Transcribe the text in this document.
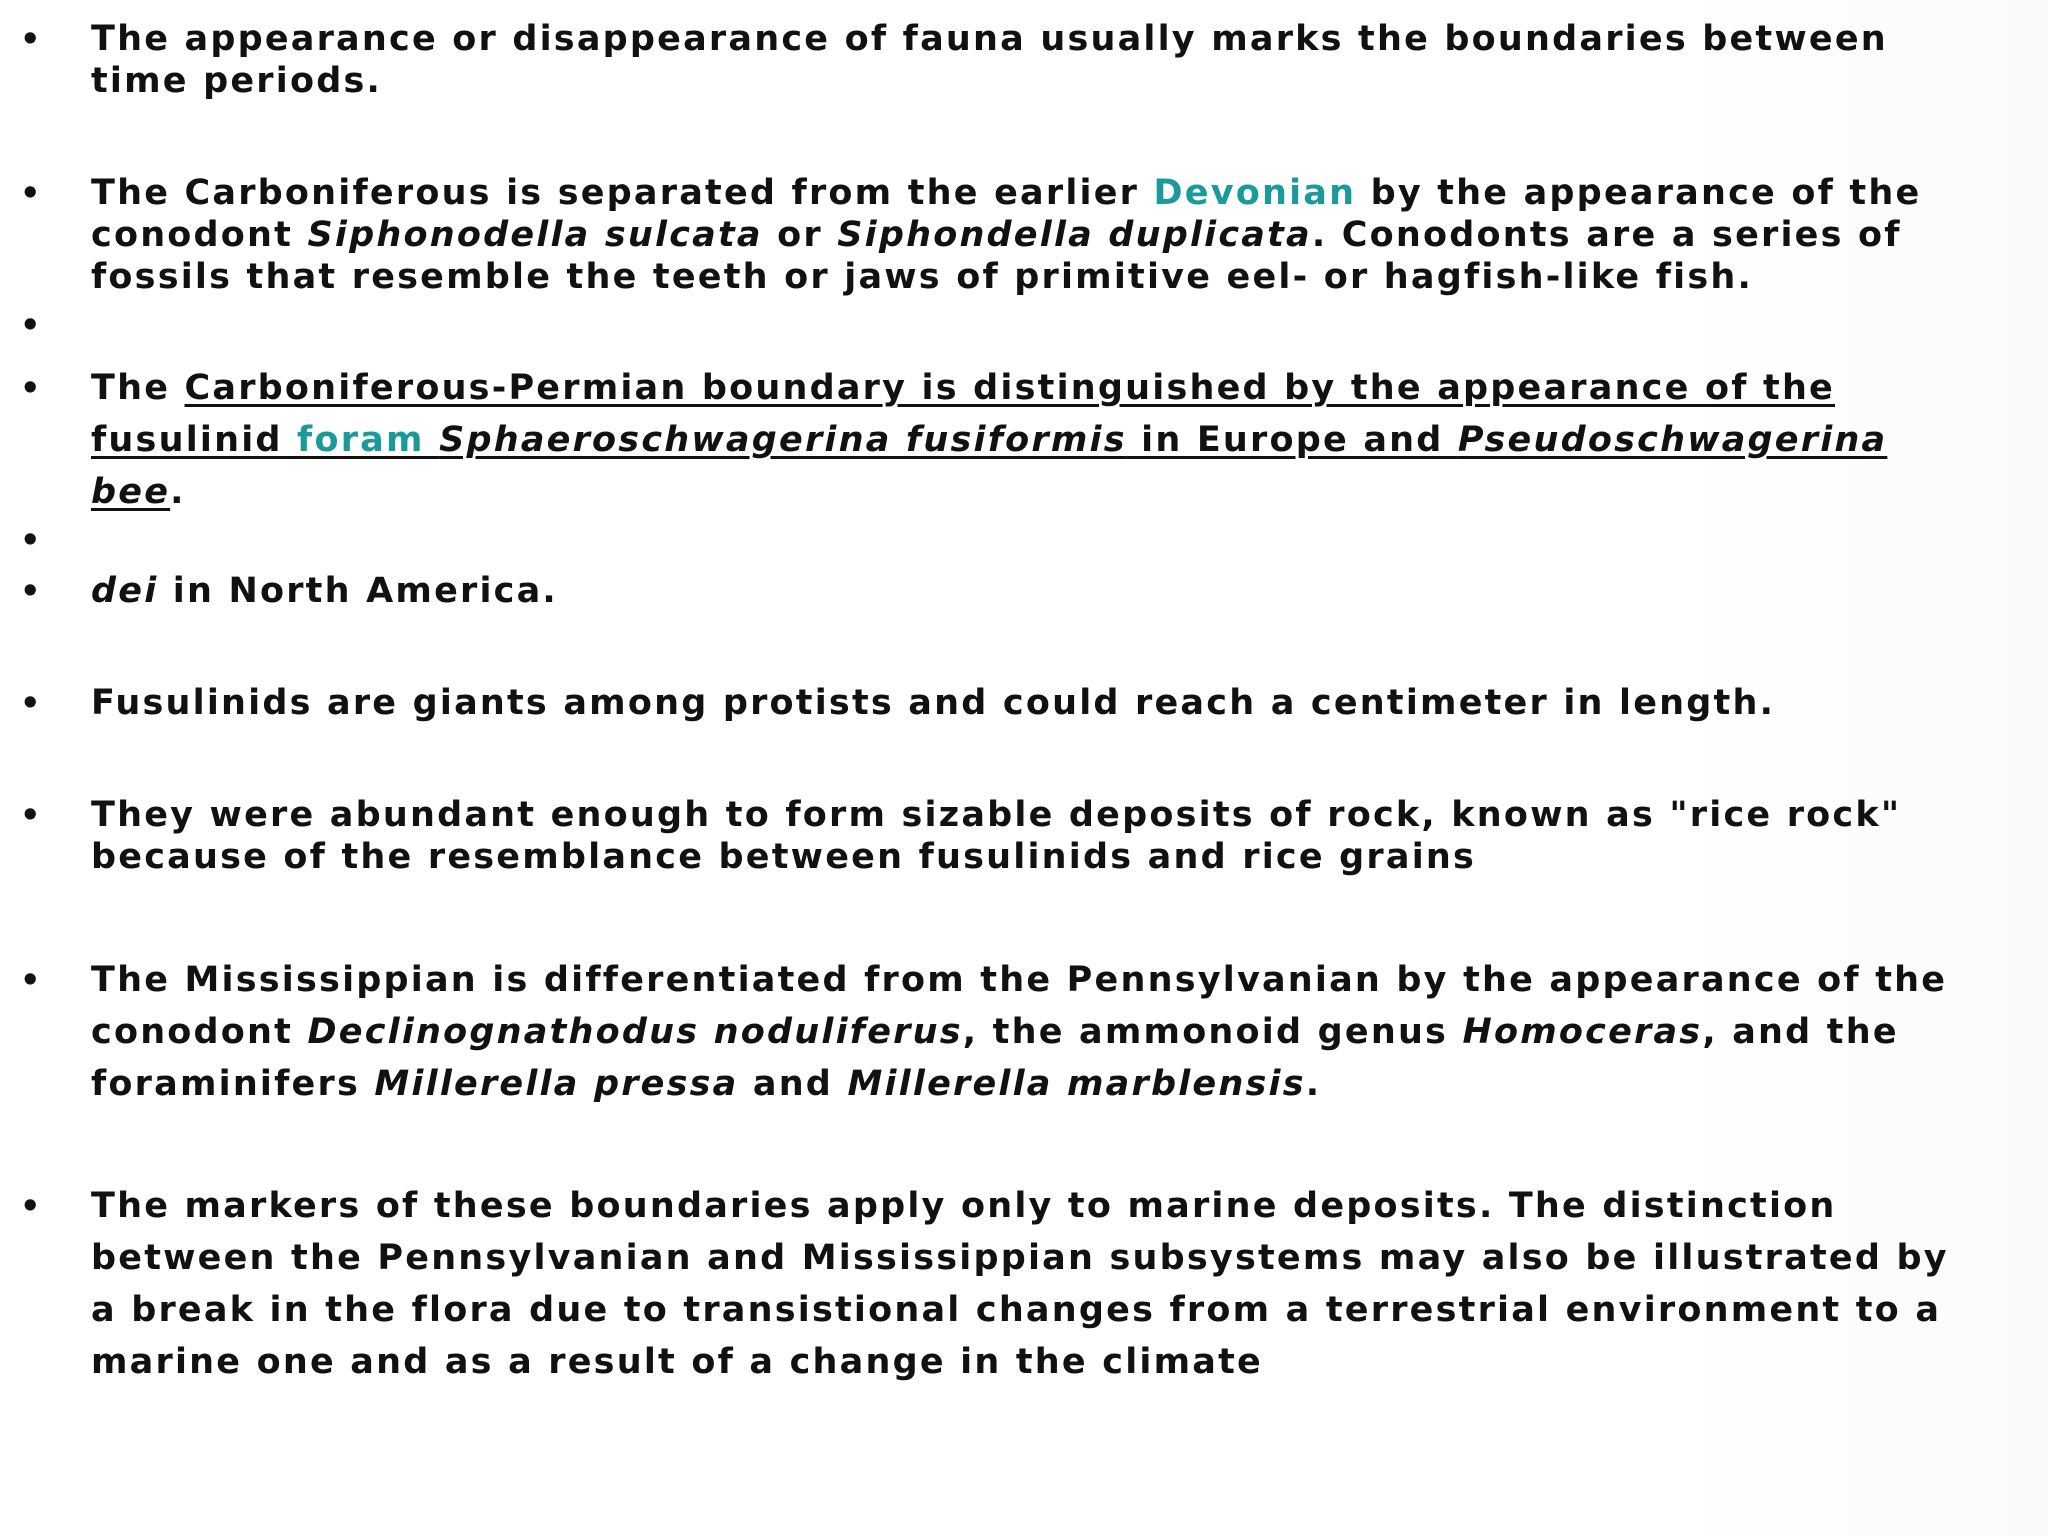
• The appearance or disappearance of fauna usually marks the boundaries between
time periods.
• The Carboniferous is separated from the earlier Devonian by the appearance of the
conodont Siphonodella sulcata or Siphondella duplicata. Conodonts are a series of
fossils that resemble the teeth or jaws of primitive eel- or hagfish-like fish.
•
• The Carboniferous-Permian boundary is distinguished by the appearance of the
fusulinid foram Sphaeroschwagerina fusiformis in Europe and Pseudoschwagerina
bee.
•
• dei in North America.
• Fusulinids are giants among protists and could reach a centimeter in length.
• They were abundant enough to form sizable deposits of rock, known as "rice rock"
because of the resemblance between fusulinids and rice grains
• The Mississippian is differentiated from the Pennsylvanian by the appearance of the
conodont Declinognathodus noduliferus, the ammonoid genus Homoceras, and the
foraminifers Millerella pressa and Millerella marblensis.
• The markers of these boundaries apply only to marine deposits. The distinction
between the Pennsylvanian and Mississippian subsystems may also be illustrated by
a break in the flora due to transistional changes from a terrestrial environment to a
marine one and as a result of a change in the climate
